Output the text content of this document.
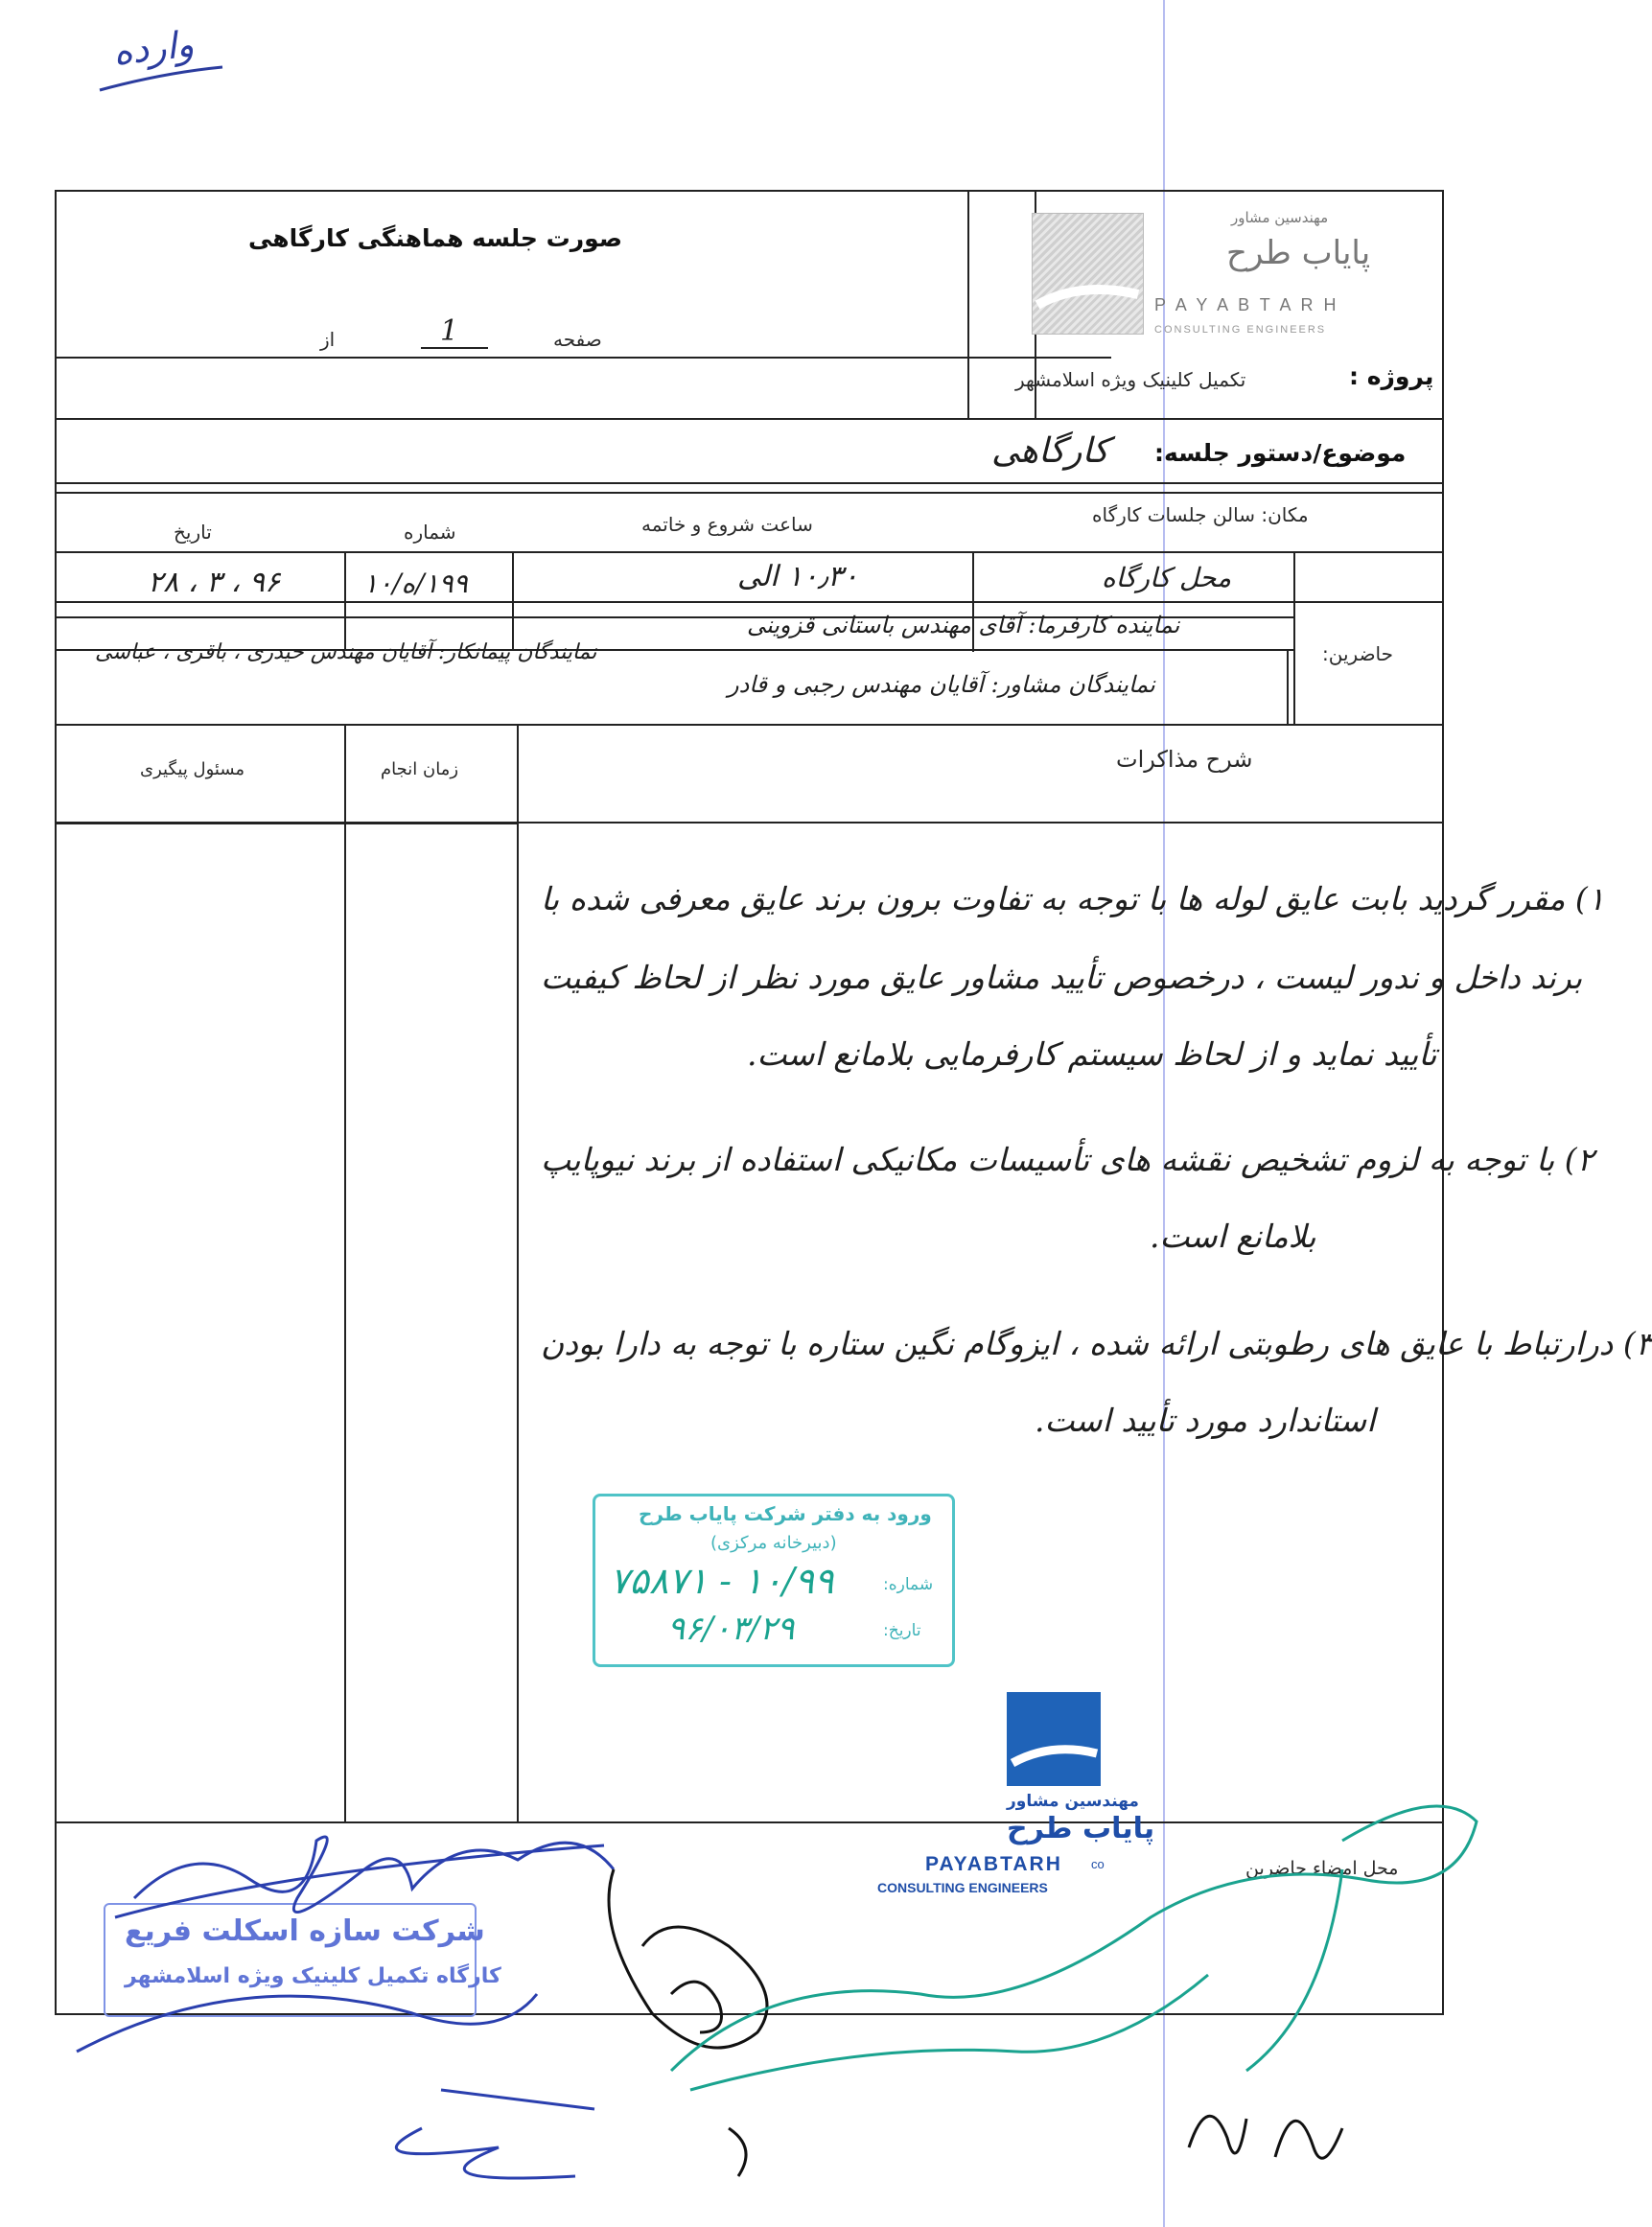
وارده
صورت جلسه هماهنگی کارگاهی
صفحه
1
از
مهندسین مشاور
پایاب طرح
P A Y A B T A R H
CONSULTING ENGINEERS
پروژه :
تکمیل کلینیک ویژه اسلامشهر
موضوع/دستور جلسه:
کارگاهی
مکان: سالن جلسات کارگاه
ساعت شروع و خاتمه
شماره
تاریخ
محل کارگاه
۱۰٫۳۰ الی
۱۹۹/ه/۱۰
۹۶ ، ۳ ، ۲۸
حاضرین:
نماینده کارفرما: آقای مهندس باستانی قزوینی
نمایندگان مشاور: آقایان مهندس رجبی و قادر
نمایندگان پیمانکار: آقایان مهندس حیدری ، باقری ، عباسی
شرح مذاکرات
زمان انجام
مسئول پیگیری
۱) مقرر گردید بابت عایق لوله ها با توجه به تفاوت برون برند عایق معرفی شده با
برند داخل و ندور لیست ، درخصوص تأیید مشاور عایق مورد نظر از لحاظ کیفیت
تأیید نماید و از لحاظ سیستم کارفرمایی بلامانع است.
۲) با توجه به لزوم تشخیص نقشه های تأسیسات مکانیکی استفاده از برند نیوپایپ
بلامانع است.
۳) درارتباط با عایق های رطوبتی ارائه شده ، ایزوگام نگین ستاره با توجه به دارا بودن
استاندارد مورد تأیید است.
محل امضاء حاضرین
ورود به دفتر شرکت پایاب طرح
(دبیرخانه مرکزی)
شماره:
۱۰/۹۹ - ۷۵۸۷۱
تاریخ:
۹۶/۰۳/۲۹
مهندسین مشاور
پایاب طرح
PAYABTARH co
CONSULTING ENGINEERS
شرکت سازه اسکلت فریع
کارگاه تکمیل کلینیک ویژه اسلامشهر
